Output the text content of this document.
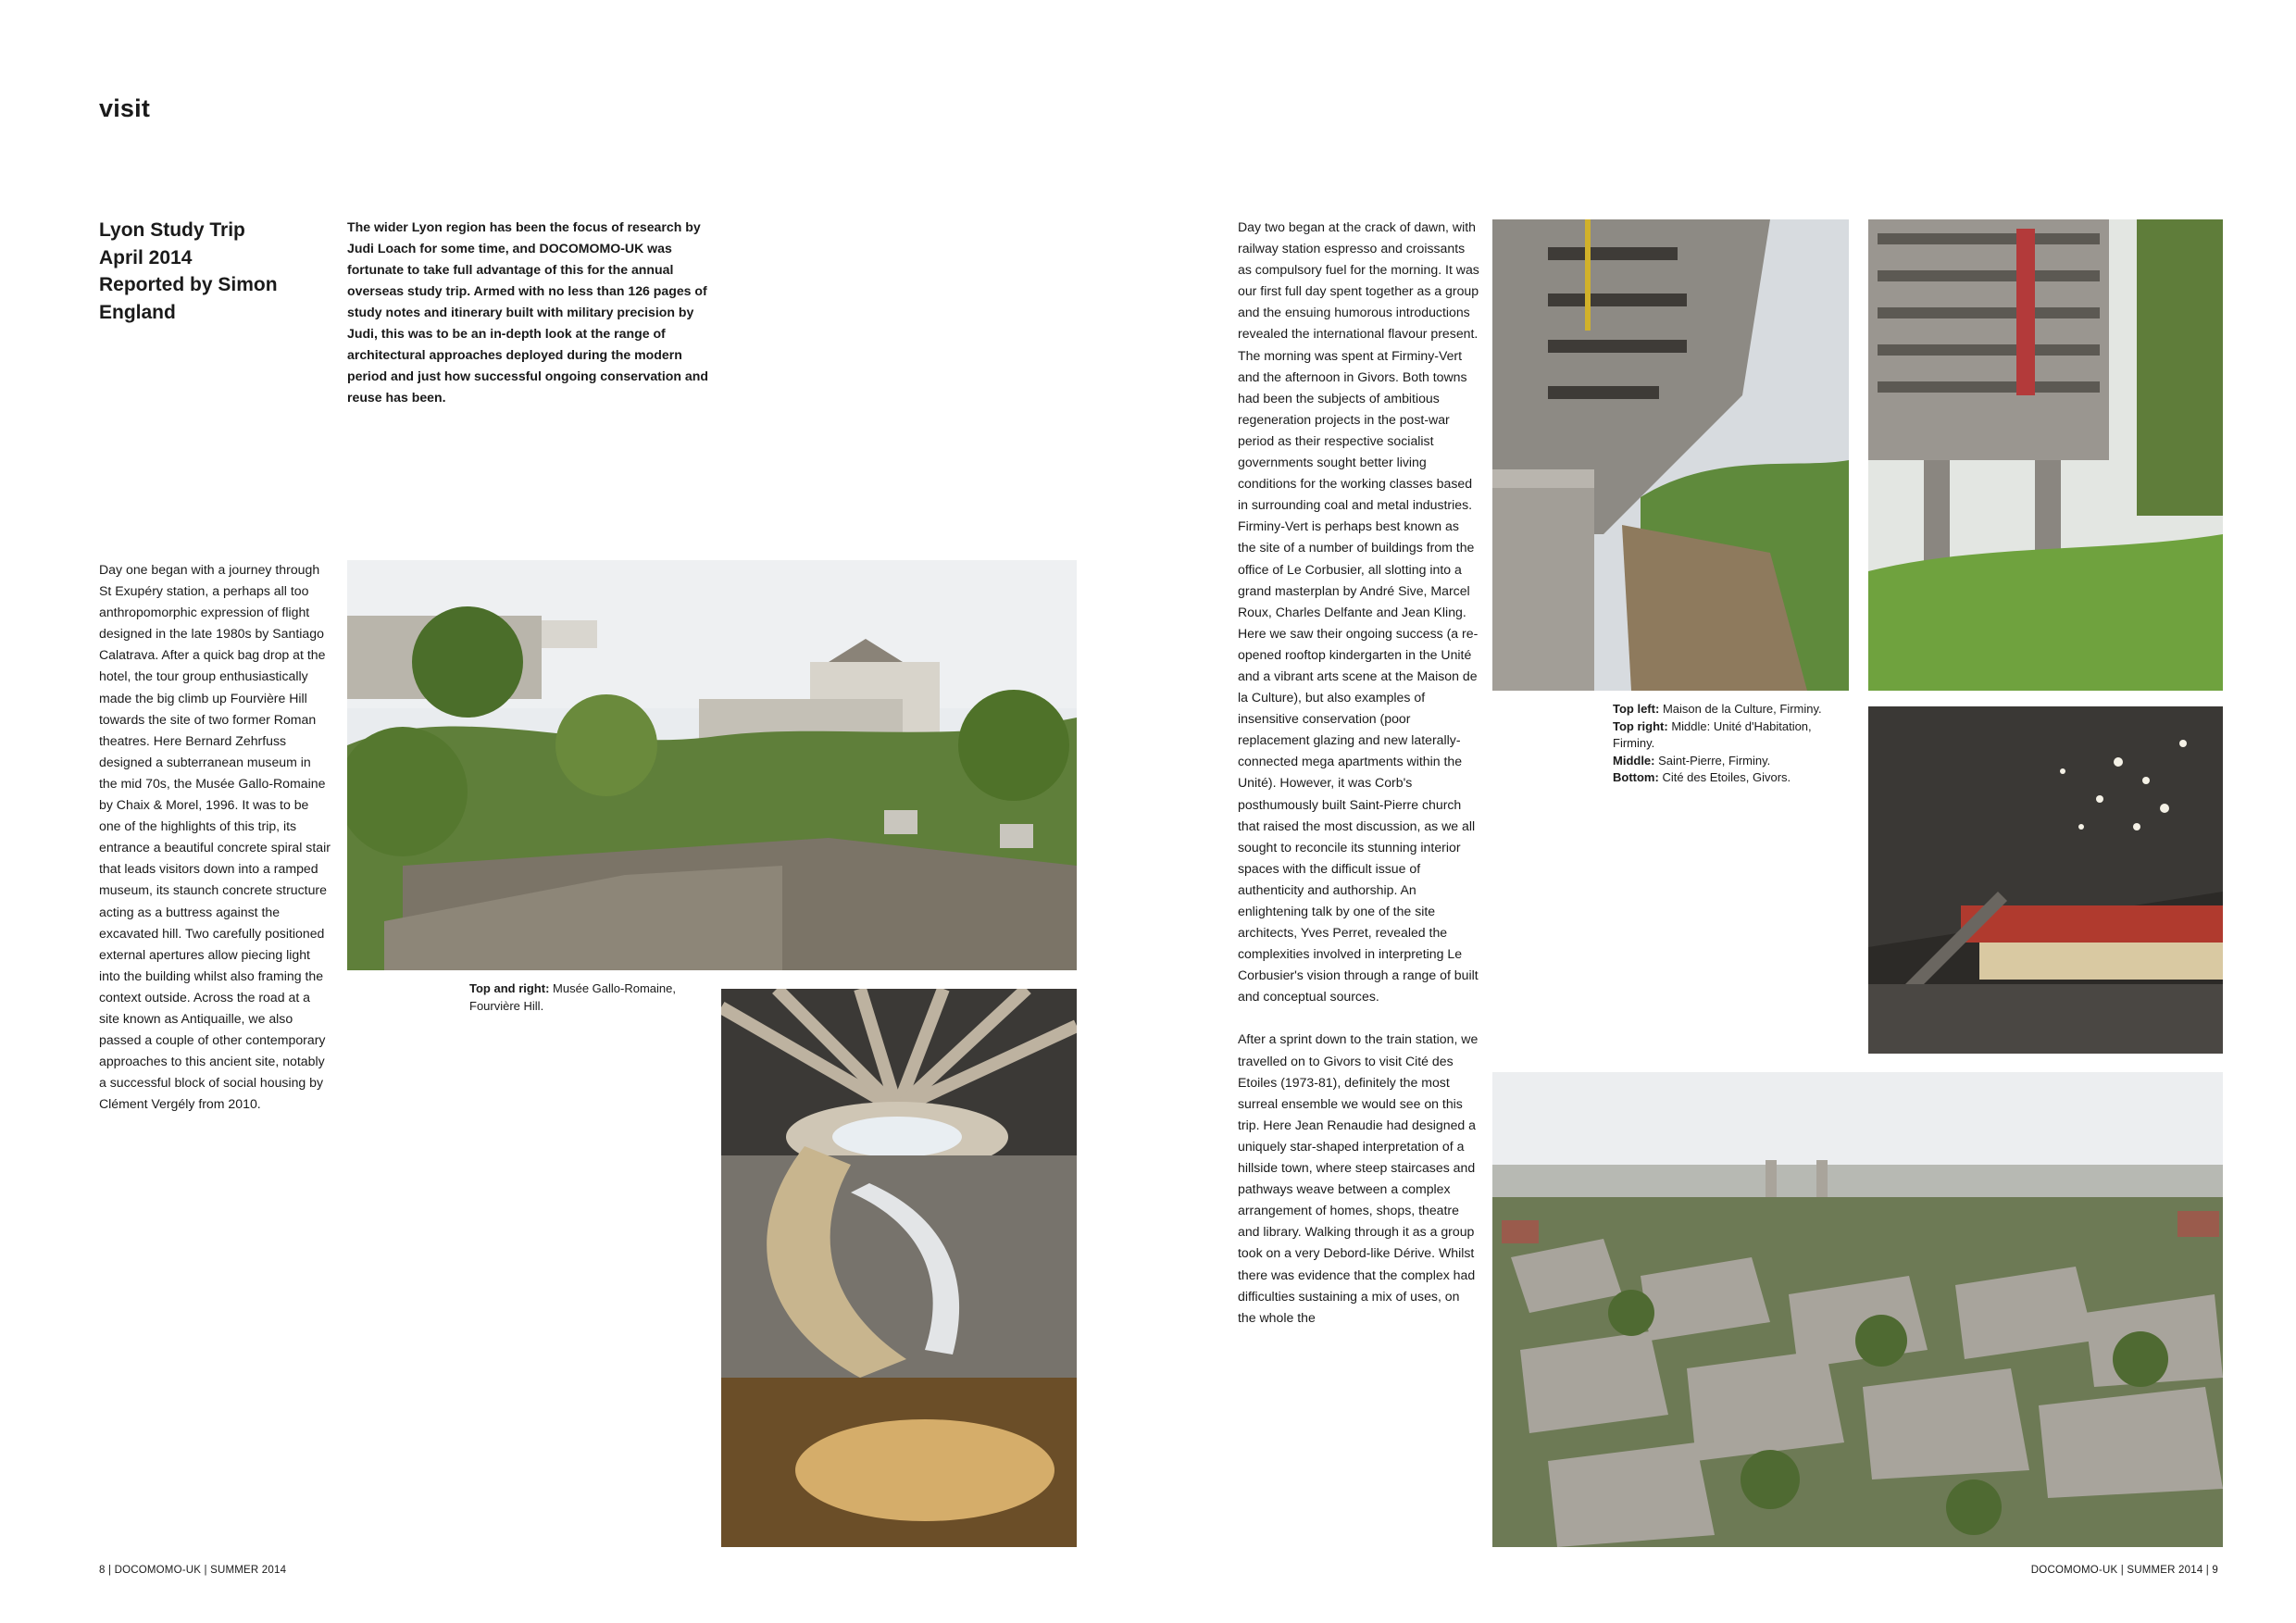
visit
Lyon Study Trip
April 2014
Reported by Simon
England
The wider Lyon region has been the focus of research by Judi Loach for some time, and DOCOMOMO-UK was fortunate to take full advantage of this for the annual overseas study trip. Armed with no less than 126 pages of study notes and itinerary built with military precision by Judi, this was to be an in-depth look at the range of architectural approaches deployed during the modern period and just how successful ongoing conservation and reuse has been.

Day one began with a journey through St Exupéry station, a perhaps all too anthropomorphic expression of flight designed in the late 1980s by Santiago Calatrava. After a quick bag drop at the hotel, the tour group enthusiastically made the big climb up Fourvière Hill towards the site of two former Roman theatres. Here Bernard Zehrfuss designed a subterranean museum in the mid 70s, the Musée Gallo-Romaine by Chaix & Morel, 1996. It was to be one of the highlights of this trip, its entrance a beautiful concrete spiral stair that leads visitors down into a ramped museum, its staunch concrete structure acting as a buttress against the excavated hill. Two carefully positioned external apertures allow piecing light into the building whilst also framing the context outside. Across the road at a site known as Antiquaille, we also passed a couple of other contemporary approaches to this ancient site, notably a successful block of social housing by Clément Vergély from 2010.

Day two began at the crack of dawn, with railway station espresso and croissants as compulsory fuel for the morning. It was our first full day spent together as a group and the ensuing humorous introductions revealed the international flavour present. The morning was spent at Firminy-Vert and the afternoon in Givors. Both towns had been the subjects of ambitious regeneration projects in the post-war period as their respective socialist governments sought better living conditions for the working classes based in surrounding coal and metal industries. Firminy-Vert is perhaps best known as the site of a number of buildings from the office of Le Corbusier, all slotting into a grand masterplan by André Sive, Marcel Roux, Charles Delfante and Jean Kling. Here we saw their ongoing success (a re-opened rooftop kindergarten in the Unité and a vibrant arts scene at the Maison de la Culture), but also examples of insensitive conservation (poor replacement glazing and new laterally-connected mega apartments within the Unité). However, it was Corb's posthumously built Saint-Pierre church that raised the most discussion, as we all sought to reconcile its stunning interior spaces with the difficult issue of authenticity and authorship. An enlightening talk by one of the site architects, Yves Perret, revealed the complexities involved in interpreting Le Corbusier's vision through a range of built and conceptual sources.

After a sprint down to the train station, we travelled on to Givors to visit Cité des Etoiles (1973-81), definitely the most surreal ensemble we would see on this trip. Here Jean Renaudie had designed a uniquely star-shaped interpretation of a hillside town, where steep staircases and pathways weave between a complex arrangement of homes, shops, theatre and library. Walking through it as a group took on a very Debord-like Dérive. Whilst there was evidence that the complex had difficulties sustaining a mix of uses, on the whole the

Top and right: Musée Gallo-Romaine, Fourvière Hill.
Top left: Maison de la Culture, Firminy.
Top right: Middle: Unité d'Habitation, Firminy.
Middle: Saint-Pierre, Firminy.
Bottom: Cité des Etoiles, Givors.
8 | DOCOMOMO-UK | SUMMER 2014	DOCOMOMO-UK | SUMMER 2014 | 9
